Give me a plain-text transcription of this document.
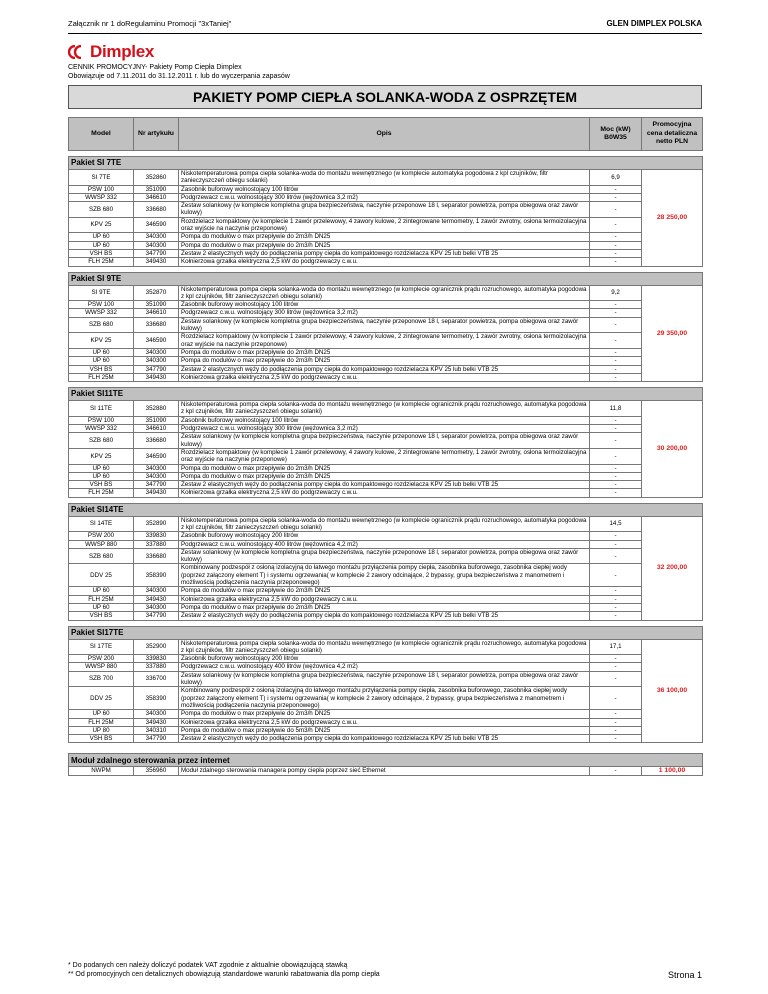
Załącznik nr 1 doRegulaminu Promocji "3xTaniej"	GLEN DIMPLEX POLSKA
Dimplex
CENNIK PROMOCYJNY- Pakiety Pomp Ciepła Dimplex
Obowiązuje od 7.11.2011 do 31.12.2011 r. lub do wyczerpania zapasów
PAKIETY POMP CIEPŁA SOLANKA-WODA Z OSPRZĘTEM
Model	Nr artykułu	Opis	Moc (kW) B0W35	Promocyjna cena detaliczna netto PLN

Pakiet SI 7TE				
SI 7TE	352860	Niskotemperaturowa pompa ciepła solanka-woda do montażu wewnętrznego (w komplecie automatyka pogodowa z kpl czujników, filtr zanieczyszczeń obiegu solanki)	6,9	28 250,00
PSW 100	351090	Zasobnik buforowy wolnostojący 100 litrów	-	
WWSP 332	346610	Podgrzewacz c.w.u. wolnostojący 300 litrów (wężownica 3,2 m2)	-	
SZB 680	336680	Zestaw solankowy (w komplecie kompletna grupa bezpieczeństwa, naczynie przeponowe 18 l, separator powietrza, pompa obiegowa oraz zawór kulowy)	-	
KPV 25	346590	Rozdzielacz kompaktowy (w komplecie 1 zawór przelewowy, 4 zawory kulowe, 2 zintegrowane termometry, 1 zawór zwrotny, osłona termoizolacyjna oraz wyjście na naczynie przeponowe)	-	
UP 60	340300	Pompa do modułów o max przepływie do 2m3/h DN25	-	
UP 60	340300	Pompa do modułów o max przepływie do 2m3/h DN25	-	
VSH BS	347790	Zestaw 2 elastycznych węży do podłączenia pompy ciepła do kompaktowego rozdzielacza KPV 25 lub belki VTB 25	-	
FLH 25M	349430	Kołnierzowa grzałka elektryczna 2,5 kW do podgrzewaczy c.w.u.	-	

Pakiet SI 9TE				
SI 9TE	352870	Niskotemperaturowa pompa ciepła solanka-woda do montażu wewnętrznego (w komplecie ogranicznik prądu rozruchowego, automatyka pogodowa z kpl czujników, filtr zanieczyszczeń obiegu solanki)	9,2	29 350,00
PSW 100	351090	Zasobnik buforowy wolnostojący 100 litrów	-	
WWSP 332	346610	Podgrzewacz c.w.u. wolnostojący 300 litrów (wężownica 3,2 m2)	-	
SZB 680	336680	Zestaw solankowy (w komplecie kompletna grupa bezpieczeństwa, naczynie przeponowe 18 l, separator powietrza, pompa obiegowa oraz zawór kulowy)	-	
KPV 25	346590	Rozdzielacz kompaktowy (w komplecie 1 zawór przelewowy, 4 zawory kulowe, 2 zintegrowane termometry, 1 zawór zwrotny, osłona termoizolacyjna oraz wyjście na naczynie przeponowe)	-	
UP 60	340300	Pompa do modułów o max przepływie do 2m3/h DN25	-	
UP 60	340300	Pompa do modułów o max przepływie do 2m3/h DN25	-	
VSH BS	347790	Zestaw 2 elastycznych węży do podłączenia pompy ciepła do kompaktowego rozdzielacza KPV 25 lub belki VTB 25	-	
FLH 25M	349430	Kołnierzowa grzałka elektryczna 2,5 kW do podgrzewaczy c.w.u.	-	

Pakiet SI11TE				
SI 11TE	352880	Niskotemperaturowa pompa ciepła solanka-woda do montażu wewnętrznego (w komplecie ogranicznik prądu rozruchowego, automatyka pogodowa z kpl czujników, filtr zanieczyszczeń obiegu solanki)	11,8	30 200,00
PSW 100	351090	Zasobnik buforowy wolnostojący 100 litrów	-	
WWSP 332	346610	Podgrzewacz c.w.u. wolnostojący 300 litrów (wężownica 3,2 m2)	-	
SZB 680	336680	Zestaw solankowy (w komplecie kompletna grupa bezpieczeństwa, naczynie przeponowe 18 l, separator powietrza, pompa obiegowa oraz zawór kulowy)	-	
KPV 25	346590	Rozdzielacz kompaktowy (w komplecie 1 zawór przelewowy, 4 zawory kulowe, 2 zintegrowane termometry, 1 zawór zwrotny, osłona termoizolacyjna oraz wyjście na naczynie przeponowe)	-	
UP 60	340300	Pompa do modułów o max przepływie do 2m3/h DN25	-	
UP 60	340300	Pompa do modułów o max przepływie do 2m3/h DN25	-	
VSH BS	347790	Zestaw 2 elastycznych węży do podłączenia pompy ciepła do kompaktowego rozdzielacza KPV 25 lub belki VTB 25	-	
FLH 25M	349430	Kołnierzowa grzałka elektryczna 2,5 kW do podgrzewaczy c.w.u.	-	

Pakiet SI14TE				
SI 14TE	352890	Niskotemperaturowa pompa ciepła solanka-woda do montażu wewnętrznego (w komplecie ogranicznik prądu rozruchowego, automatyka pogodowa z kpl czujników, filtr zanieczyszczeń obiegu solanki)	14,5	32 200,00
PSW 200	339830	Zasobnik buforowy wolnostojący 200 litrów	-	
WWSP 880	337880	Podgrzewacz c.w.u. wolnostojący 400 litrów (wężownica 4,2 m2)	-	
SZB 680	336680	Zestaw solankowy (w komplecie kompletna grupa bezpieczeństwa, naczynie przeponowe 18 l, separator powietrza, pompa obiegowa oraz zawór kulowy)	-	
DDV 25	358390	Kombinowany podzespół z osłoną izolacyjną do łatwego montażu przyłączenia pompy ciepła, zasobnika buforowego, zasobnika ciepłej wody (poprzez załączony element T) i systemu ogrzewania( w komplecie 2 zawory odcinające, 2 bypassy, grupa bezpieczeństwa z manometrem i możliwością podłączenia naczynia przeponowego)	-	
UP 60	340300	Pompa do modułów o max przepływie do 2m3/h DN25	-	
FLH 25M	349430	Kołnierzowa grzałka elektryczna 2,5 kW do podgrzewaczy c.w.u.	-	
UP 60	340300	Pompa do modułów o max przepływie do 2m3/h DN25	-	
VSH BS	347790	Zestaw 2 elastycznych węży do podłączenia pompy ciepła do kompaktowego rozdzielacza KPV 25 lub belki VTB 25	-	

Pakiet SI17TE				
SI 17TE	352900	Niskotemperaturowa pompa ciepła solanka-woda do montażu wewnętrznego (w komplecie ogranicznik prądu rozruchowego, automatyka pogodowa z kpl czujników, filtr zanieczyszczeń obiegu solanki)	17,1	36 100,00
PSW 200	339830	Zasobnik buforowy wolnostojący 200 litrów	-	
WWSP 880	337880	Podgrzewacz c.w.u. wolnostojący 400 litrów (wężownica 4,2 m2)	-	
SZB 700	336700	Zestaw solankowy (w komplecie kompletna grupa bezpieczeństwa, naczynie przeponowe 18 l, separator powietrza, pompa obiegowa oraz zawór kulowy)	-	
DDV 25	358390	Kombinowany podzespół z osłoną izolacyjną do łatwego montażu przyłączenia pompy ciepła, zasobnika buforowego, zasobnika ciepłej wody (poprzez załączony element T) i systemu ogrzewania( w komplecie 2 zawory odcinające, 2 bypassy, grupa bezpieczeństwa z manometrem i możliwością podłączenia naczynia przeponowego)	-	
UP 60	340300	Pompa do modułów o max przepływie do 2m3/h DN25	-	
FLH 25M	349430	Kołnierzowa grzałka elektryczna 2,5 kW do podgrzewaczy c.w.u.	-	
UP 80	340310	Pompa do modułów o max przepływie do 5m3/h DN25	-	
VSH BS	347790	Zestaw 2 elastycznych węży do podłączenia pompy ciepła do kompaktowego rozdzielacza KPV 25 lub belki VTB 25	-	

Moduł zdalnego sterowania przez internet				
NWPM	356960	Moduł zdalnego sterowania managera pompy ciepła poprzez sieć Ethernet	-	1 100,00
* Do podanych cen należy doliczyć podatek VAT zgodnie z aktualnie obowiązującą stawką
** Od promocyjnych cen detalicznych obowiązują standardowe warunki rabatowania dla pomp ciepła	Strona 1
